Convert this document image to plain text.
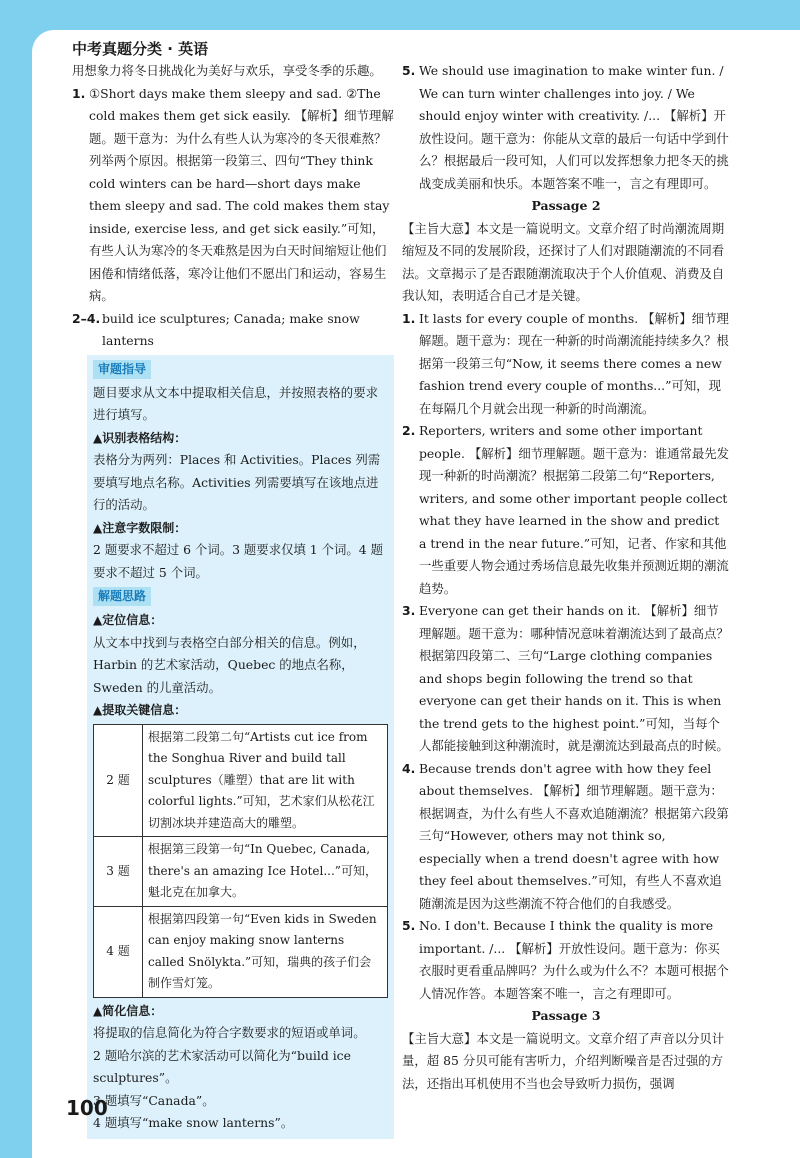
中考真题分类 · 英语
用想象力将冬日挑战化为美好与欢乐，享受冬季的乐趣。
1. ①Short days make them sleepy and sad. ②The cold makes them get sick easily. 【解析】细节理解题。题干意为：为什么有些人认为寒冷的冬天很难熬？列举两个原因。根据第一段第三、四句“They think cold winters can be hard—short days make them sleepy and sad. The cold makes them stay inside, exercise less, and get sick easily.”可知，有些人认为寒冷的冬天难熬是因为白天时间缩短让他们困倦和情绪低落，寒冷让他们不愿出门和运动，容易生病。
2–4. build ice sculptures; Canada; make snow lanterns
审题指导
题目要求从文本中提取相关信息，并按照表格的要求进行填写。
▲识别表格结构：
表格分为两列：Places 和 Activities。Places 列需要填写地点名称。Activities 列需要填写在该地点进行的活动。
▲注意字数限制：
2 题要求不超过 6 个词。3 题要求仅填 1 个词。4 题要求不超过 5 个词。
解题思路
▲定位信息：
从文本中找到与表格空白部分相关的信息。例如，Harbin 的艺术家活动，Quebec 的地点名称，Sweden 的儿童活动。
▲提取关键信息：
2 题	根据第二段第二句“Artists cut ice from the Songhua River and build tall sculptures（雕塑）that are lit with colorful lights.”可知，艺术家们从松花江切割冰块并建造高大的雕塑。
3 题	根据第三段第一句“In Quebec, Canada, there's an amazing Ice Hotel...”可知，魁北克在加拿大。
4 题	根据第四段第一句“Even kids in Sweden can enjoy making snow lanterns called Snölykta.”可知，瑞典的孩子们会制作雪灯笼。
▲简化信息：
将提取的信息简化为符合字数要求的短语或单词。
2 题哈尔滨的艺术家活动可以简化为“build ice sculptures”。
3 题填写“Canada”。
4 题填写“make snow lanterns”。
5. We should use imagination to make winter fun. / We can turn winter challenges into joy. / We should enjoy winter with creativity. /... 【解析】开放性设问。题干意为：你能从文章的最后一句话中学到什么？根据最后一段可知，人们可以发挥想象力把冬天的挑战变成美丽和快乐。本题答案不唯一，言之有理即可。
Passage 2
【主旨大意】本文是一篇说明文。文章介绍了时尚潮流周期缩短及不同的发展阶段，还探讨了人们对跟随潮流的不同看法。文章揭示了是否跟随潮流取决于个人价值观、消费及自我认知，表明适合自己才是关键。
1. It lasts for every couple of months. 【解析】细节理解题。题干意为：现在一种新的时尚潮流能持续多久？根据第一段第三句“Now, it seems there comes a new fashion trend every couple of months...”可知，现在每隔几个月就会出现一种新的时尚潮流。
2. Reporters, writers and some other important people. 【解析】细节理解题。题干意为：谁通常最先发现一种新的时尚潮流？根据第二段第二句“Reporters, writers, and some other important people collect what they have learned in the show and predict a trend in the near future.”可知，记者、作家和其他一些重要人物会通过秀场信息最先收集并预测近期的潮流趋势。
3. Everyone can get their hands on it. 【解析】细节理解题。题干意为：哪种情况意味着潮流达到了最高点？根据第四段第二、三句“Large clothing companies and shops begin following the trend so that everyone can get their hands on it. This is when the trend gets to the highest point.”可知，当每个人都能接触到这种潮流时，就是潮流达到最高点的时候。
4. Because trends don't agree with how they feel about themselves. 【解析】细节理解题。题干意为：根据调查，为什么有些人不喜欢追随潮流？根据第六段第三句“However, others may not think so, especially when a trend doesn't agree with how they feel about themselves.”可知，有些人不喜欢追随潮流是因为这些潮流不符合他们的自我感受。
5. No. I don't. Because I think the quality is more important. /... 【解析】开放性设问。题干意为：你买衣服时更看重品牌吗？为什么或为什么不？本题可根据个人情况作答。本题答案不唯一，言之有理即可。
Passage 3
【主旨大意】本文是一篇说明文。文章介绍了声音以分贝计量，超 85 分贝可能有害听力，介绍判断噪音是否过强的方法，还指出耳机使用不当也会导致听力损伤，强调
100
